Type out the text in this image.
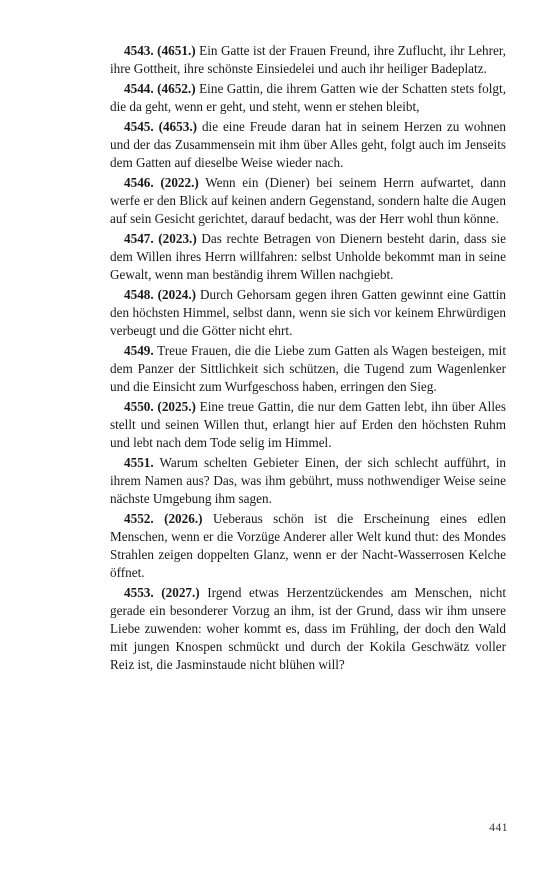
4543. (4651.) Ein Gatte ist der Frauen Freund, ihre Zuflucht, ihr Lehrer, ihre Gottheit, ihre schönste Einsiedelei und auch ihr heiliger Badeplatz.

4544. (4652.) Eine Gattin, die ihrem Gatten wie der Schatten stets folgt, die da geht, wenn er geht, und steht, wenn er stehen bleibt,

4545. (4653.) die eine Freude daran hat in seinem Herzen zu wohnen und der das Zusammensein mit ihm über Alles geht, folgt auch im Jenseits dem Gatten auf dieselbe Weise wieder nach.

4546. (2022.) Wenn ein (Diener) bei seinem Herrn aufwartet, dann werfe er den Blick auf keinen andern Gegenstand, sondern halte die Augen auf sein Gesicht gerichtet, darauf bedacht, was der Herr wohl thun könne.

4547. (2023.) Das rechte Betragen von Dienern besteht darin, dass sie dem Willen ihres Herrn willfahren: selbst Unholde bekommt man in seine Gewalt, wenn man beständig ihrem Willen nachgiebt.

4548. (2024.) Durch Gehorsam gegen ihren Gatten gewinnt eine Gattin den höchsten Himmel, selbst dann, wenn sie sich vor keinem Ehrwürdigen verbeugt und die Götter nicht ehrt.

4549. Treue Frauen, die die Liebe zum Gatten als Wagen besteigen, mit dem Panzer der Sittlichkeit sich schützen, die Tugend zum Wagenlenker und die Einsicht zum Wurfgeschoss haben, erringen den Sieg.

4550. (2025.) Eine treue Gattin, die nur dem Gatten lebt, ihn über Alles stellt und seinen Willen thut, erlangt hier auf Erden den höchsten Ruhm und lebt nach dem Tode selig im Himmel.

4551. Warum schelten Gebieter Einen, der sich schlecht aufführt, in ihrem Namen aus? Das, was ihm gebührt, muss nothwendiger Weise seine nächste Umgebung ihm sagen.

4552. (2026.) Ueberaus schön ist die Erscheinung eines edlen Menschen, wenn er die Vorzüge Anderer aller Welt kund thut: des Mondes Strahlen zeigen doppelten Glanz, wenn er der Nacht-Wasserrosen Kelche öffnet.

4553. (2027.) Irgend etwas Herzentzückendes am Menschen, nicht gerade ein besonderer Vorzug an ihm, ist der Grund, dass wir ihm unsere Liebe zuwenden: woher kommt es, dass im Frühling, der doch den Wald mit jungen Knospen schmückt und durch der Kokila Geschwätz voller Reiz ist, die Jasminstaude nicht blühen will?

441
